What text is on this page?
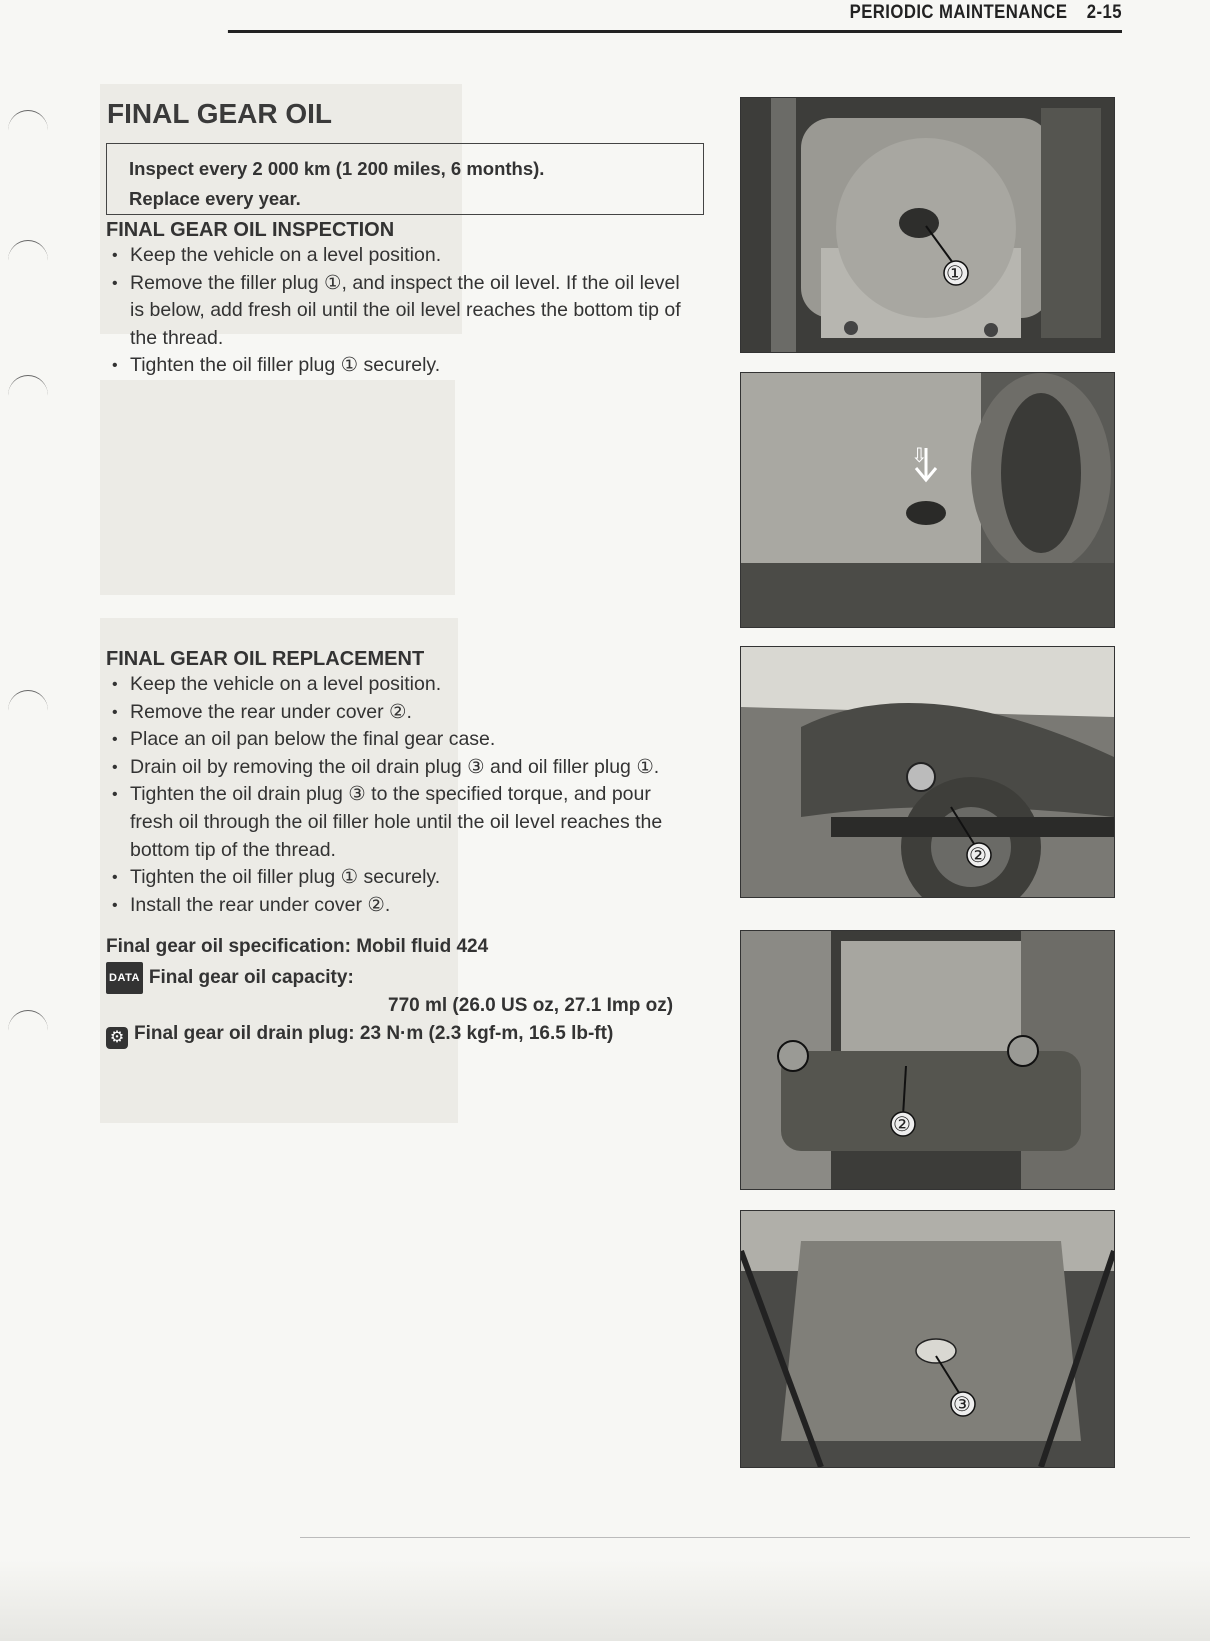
PERIODIC MAINTENANCE 2-15
FINAL GEAR OIL
Inspect every 2 000 km (1 200 miles, 6 months).
Replace every year.
FINAL GEAR OIL INSPECTION
• Keep the vehicle on a level position.
• Remove the filler plug ①, and inspect the oil level. If the oil level is below, add fresh oil until the oil level reaches the bottom tip of the thread.
• Tighten the oil filler plug ① securely.
FINAL GEAR OIL REPLACEMENT
• Keep the vehicle on a level position.
• Remove the rear under cover ②.
• Place an oil pan below the final gear case.
• Drain oil by removing the oil drain plug ③ and oil filler plug ①.
• Tighten the oil drain plug ③ to the specified torque, and pour fresh oil through the oil filler hole until the oil level reaches the bottom tip of the thread.
• Tighten the oil filler plug ① securely.
• Install the rear under cover ②.
Final gear oil specification: Mobil fluid 424
DATA Final gear oil capacity:
770 ml (26.0 US oz, 27.1 Imp oz)
⚙ Final gear oil drain plug: 23 N·m (2.3 kgf-m, 16.5 lb-ft)
①
⇩
②
②
③
